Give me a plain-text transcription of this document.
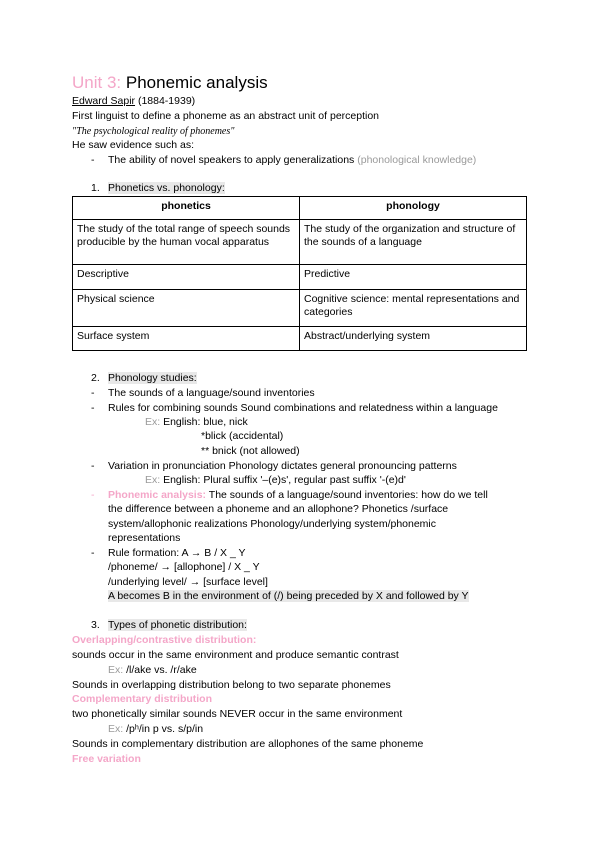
Unit 3: Phonemic analysis
Edward Sapir (1884-1939)
First linguist to define a phoneme as an abstract unit of perception
"The psychological reality of phonemes"
He saw evidence such as:
- The ability of novel speakers to apply generalizations (phonological knowledge)
1. Phonetics vs. phonology:
phonetics	phonology
The study of the total range of speech sounds producible by the human vocal apparatus	The study of the organization and structure of the sounds of a language
Descriptive	Predictive
Physical science	Cognitive science: mental representations and categories
Surface system	Abstract/underlying system
2. Phonology studies:
- The sounds of a language/sound inventories
- Rules for combining sounds Sound combinations and relatedness within a language
Ex: English: blue, nick
*blick (accidental)
** bnick (not allowed)
- Variation in pronunciation Phonology dictates general pronouncing patterns
Ex: English: Plural suffix '–(e)s', regular past suffix '-(e)d'
- Phonemic analysis: The sounds of a language/sound inventories: how do we tell
the difference between a phoneme and an allophone? Phonetics /surface
system/allophonic realizations Phonology/underlying system/phonemic
representations
- Rule formation: A → B / X _ Y
/phoneme/ → [allophone] / X _ Y
/underlying level/ → [surface level]
A becomes B in the environment of (/) being preceded by X and followed by Y
3. Types of phonetic distribution:
Overlapping/contrastive distribution:
sounds occur in the same environment and produce semantic contrast
Ex: /l/ake vs. /r/ake
Sounds in overlapping distribution belong to two separate phonemes
Complementary distribution
two phonetically similar sounds NEVER occur in the same environment
Ex: /pʰ/in p vs. s/p/in
Sounds in complementary distribution are allophones of the same phoneme
Free variation
